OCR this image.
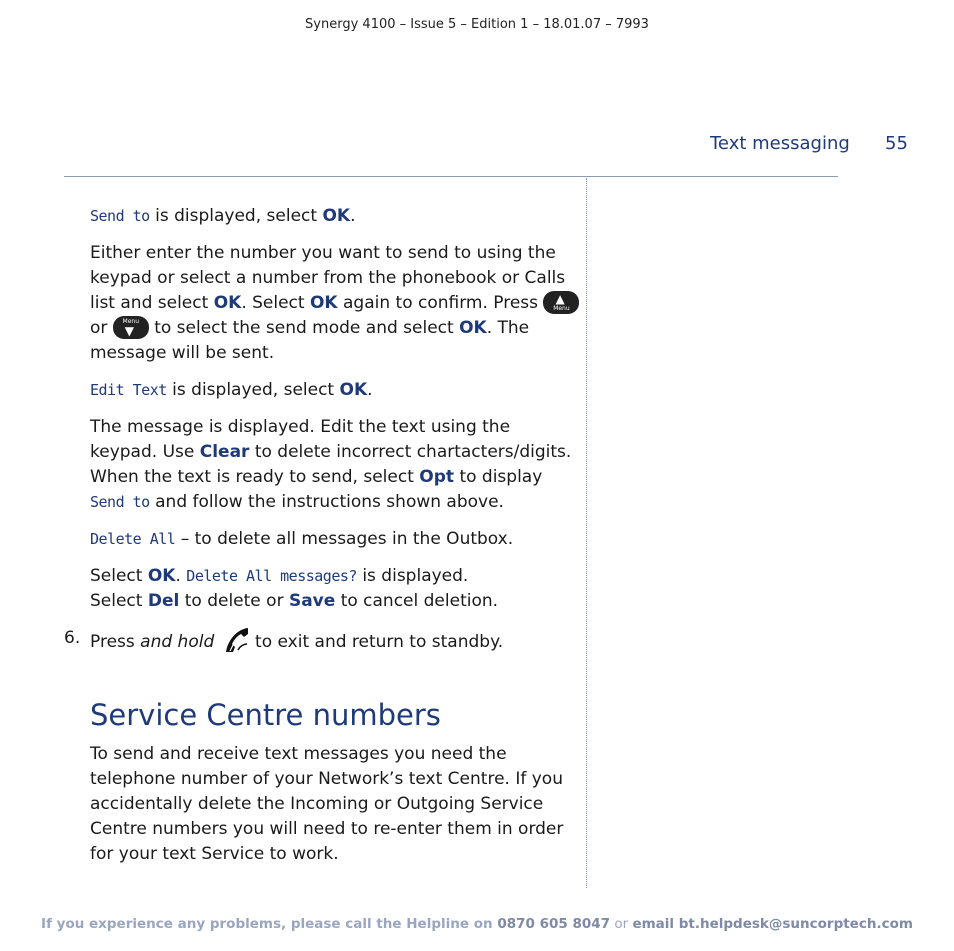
Synergy 4100 – Issue 5 – Edition 1 – 18.01.07 – 7993
Text messaging 55

Send to is displayed, select OK.

Either enter the number you want to send to using the keypad or select a number from the phonebook or Calls list and select OK. Select OK again to confirm. Press ▲
Menu
or	Menu
▼ to select the send mode and select OK. The message will be sent.

Edit Text is displayed, select OK.

The message is displayed. Edit the text using the keypad. Use Clear to delete incorrect chartacters/digits. When the text is ready to send, select Opt to display Send to and follow the instructions shown above.

Delete All – to delete all messages in the Outbox.

Select OK. Delete All messages? is displayed.
Select Del to delete or Save to cancel deletion.

6. Press and hold  to exit and return to standby.

Service Centre numbers

To send and receive text messages you need the telephone number of your Network’s text Centre. If you accidentally delete the Incoming or Outgoing Service Centre numbers you will need to re-enter them in order for your text Service to work.

If you experience any problems, please call the Helpline on 0870 605 8047 or email bt.helpdesk@suncorptech.com
